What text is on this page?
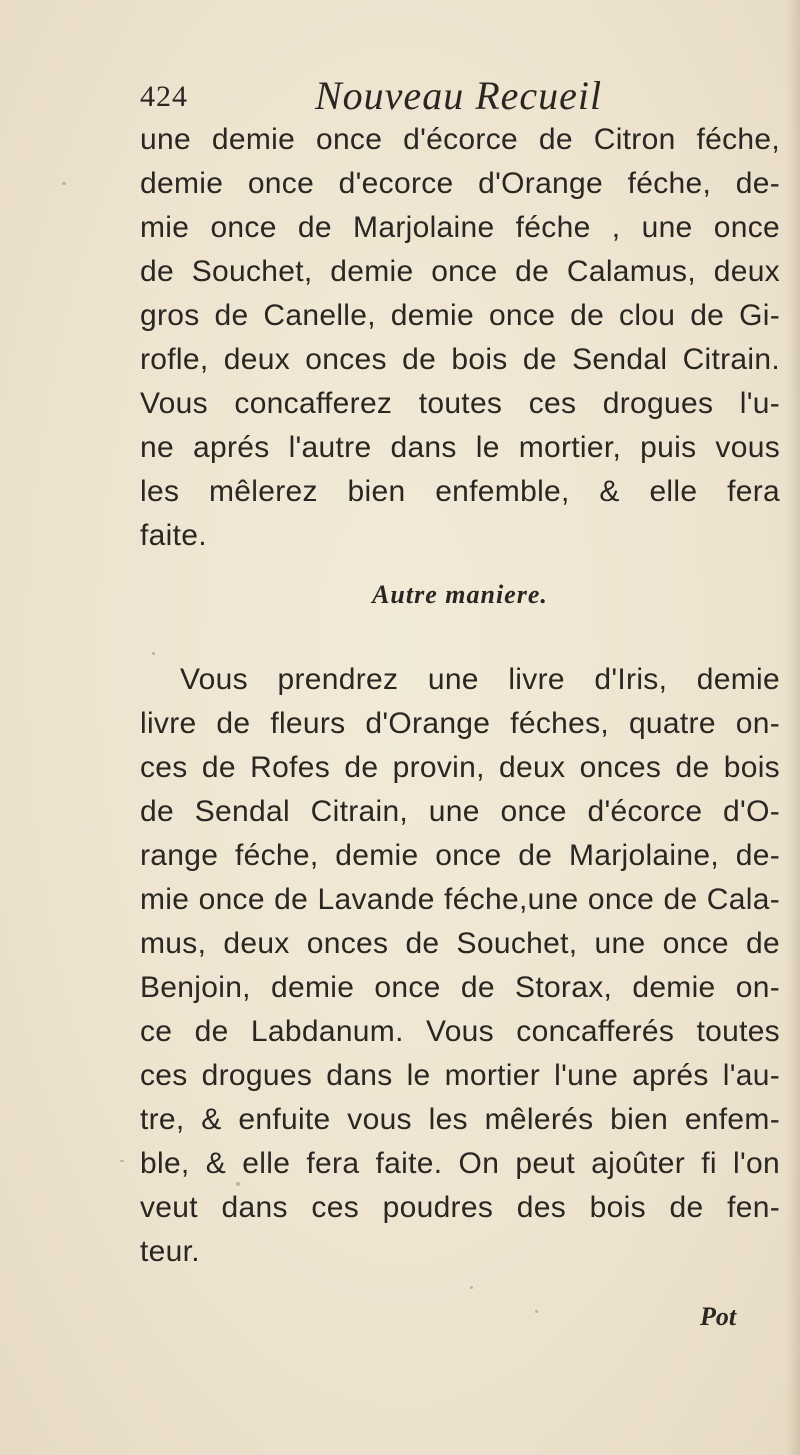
424	Nouveau Recueil
une demie once d'écorce de Citron féche,
demie once d'ecorce d'Orange féche, de-
mie once de Marjolaine féche , une once
de Souchet, demie once de Calamus, deux
gros de Canelle, demie once de clou de Gi-
rofle, deux onces de bois de Sendal Citrain.
Vous concafferez toutes ces drogues l'u-
ne aprés l'autre dans le mortier, puis vous
les mêlerez bien enfemble, & elle fera
faite.
Autre maniere.
Vous prendrez une livre d'Iris, demie
livre de fleurs d'Orange féches, quatre on-
ces de Rofes de provin, deux onces de bois
de Sendal Citrain, une once d'écorce d'O-
range féche, demie once de Marjolaine, de-
mie once de Lavande féche,une once de Cala-
mus, deux onces de Souchet, une once de
Benjoin, demie once de Storax, demie on-
ce de Labdanum. Vous concafferés toutes
ces drogues dans le mortier l'une aprés l'au-
tre, & enfuite vous les mêlerés bien enfem-
ble, & elle fera faite. On peut ajoûter fi l'on
veut dans ces poudres des bois de fen-
teur.
Pot
